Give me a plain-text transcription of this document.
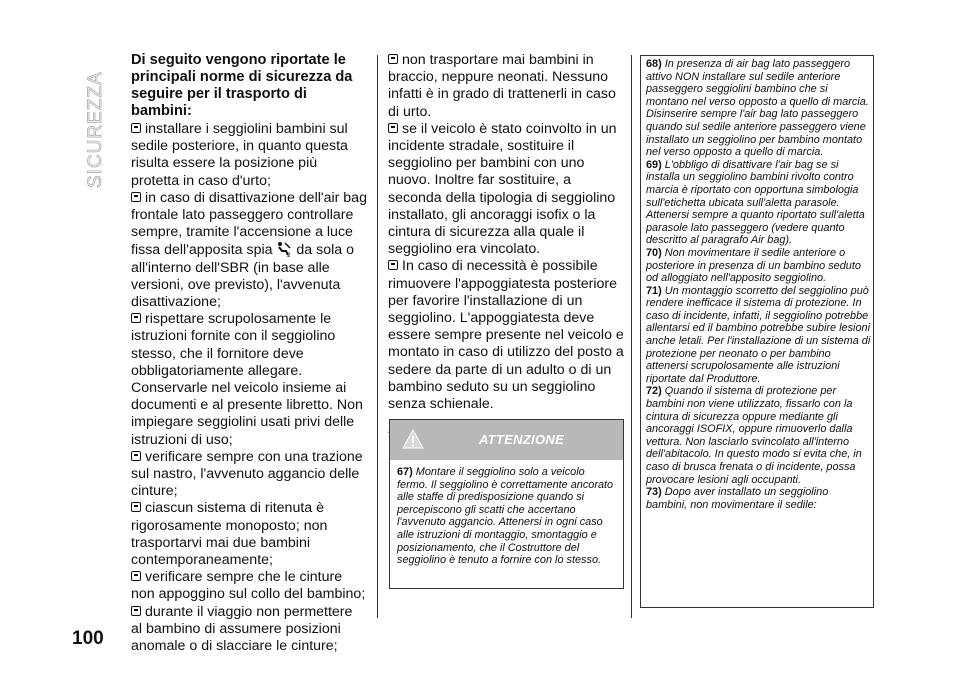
SICUREZZA
Di seguito vengono riportate le principali norme di sicurezza da seguire per il trasporto di bambini:

installare i seggiolini bambini sul sedile posteriore, in quanto questa risulta essere la posizione più protetta in caso d'urto;

in caso di disattivazione dell'air bag frontale lato passeggero controllare sempre, tramite l'accensione a luce fissa dell'apposita spia 2 da sola o all'interno dell'SBR (in base alle versioni, ove previsto), l'avvenuta disattivazione;

rispettare scrupolosamente le istruzioni fornite con il seggiolino stesso, che il fornitore deve obbligatoriamente allegare. Conservarle nel veicolo insieme ai documenti e al presente libretto. Non impiegare seggiolini usati privi delle istruzioni di uso;

verificare sempre con una trazione sul nastro, l'avvenuto aggancio delle cinture;

ciascun sistema di ritenuta è rigorosamente monoposto; non trasportarvi mai due bambini contemporaneamente;

verificare sempre che le cinture non appoggino sul collo del bambino;

durante il viaggio non permettere al bambino di assumere posizioni anomale o di slacciare le cinture;

non trasportare mai bambini in braccio, neppure neonati. Nessuno infatti è in grado di trattenerli in caso di urto.

se il veicolo è stato coinvolto in un incidente stradale, sostituire il seggiolino per bambini con uno nuovo. Inoltre far sostituire, a seconda della tipologia di seggiolino installato, gli ancoraggi isofix o la cintura di sicurezza alla quale il seggiolino era vincolato.

In caso di necessità è possibile rimuovere l'appoggiatesta posteriore per favorire l'installazione di un seggiolino. L'appoggiatesta deve essere sempre presente nel veicolo e montato in caso di utilizzo del posto a sedere da parte di un adulto o di un bambino seduto su un seggiolino senza schienale.

ATTENZIONE

67) Montare il seggiolino solo a veicolo fermo. Il seggiolino è correttamente ancorato alle staffe di predisposizione quando si percepiscono gli scatti che accertano l'avvenuto aggancio. Attenersi in ogni caso alle istruzioni di montaggio, smontaggio e posizionamento, che il Costruttore del seggiolino è tenuto a fornire con lo stesso.

68) In presenza di air bag lato passeggero attivo NON installare sul sedile anteriore passeggero seggiolini bambino che si montano nel verso opposto a quello di marcia. Disinserire sempre l'air bag lato passeggero quando sul sedile anteriore passeggero viene installato un seggiolino per bambino montato nel verso opposto a quello di marcia.

69) L'obbligo di disattivare l'air bag se si installa un seggiolino bambini rivolto contro marcia è riportato con opportuna simbologia sull'etichetta ubicata sull'aletta parasole. Attenersi sempre a quanto riportato sull'aletta parasole lato passeggero (vedere quanto descritto al paragrafo Air bag).

70) Non movimentare il sedile anteriore o posteriore in presenza di un bambino seduto od alloggiato nell'apposito seggiolino.

71) Un montaggio scorretto del seggiolino può rendere inefficace il sistema di protezione. In caso di incidente, infatti, il seggiolino potrebbe allentarsi ed il bambino potrebbe subire lesioni anche letali. Per l'installazione di un sistema di protezione per neonato o per bambino attenersi scrupolosamente alle istruzioni riportate dal Produttore.

72) Quando il sistema di protezione per bambini non viene utilizzato, fissarlo con la cintura di sicurezza oppure mediante gli ancoraggi ISOFIX, oppure rimuoverlo dalla vettura. Non lasciarlo svincolato all'interno dell'abitacolo. In questo modo si evita che, in caso di brusca frenata o di incidente, possa provocare lesioni agli occupanti.

73) Dopo aver installato un seggiolino bambini, non movimentare il sedile:

100
